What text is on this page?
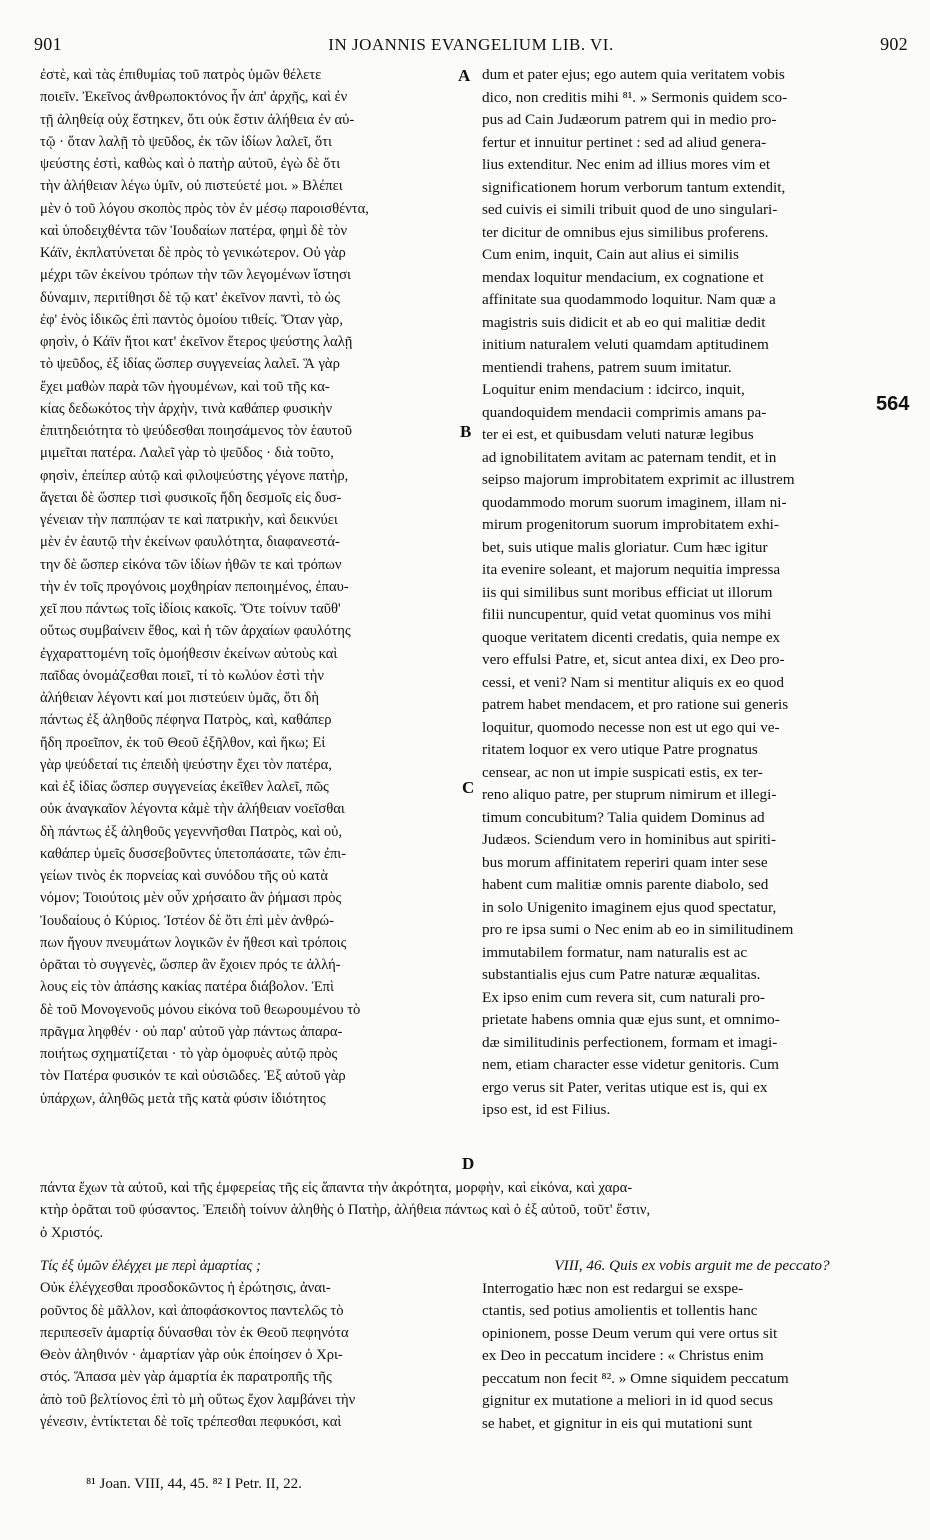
901	IN JOANNIS EVANGELIUM LIB. VI.	902
ἐστὲ, καὶ τὰς ἐπιθυμίας τοῦ πατρὸς ὑμῶν θέλετε
ποιεῖν. Ἐκεῖνος ἀνθρωποκτόνος ἦν ἀπ' ἀρχῆς, καὶ ἐν
τῇ ἀληθείᾳ οὐχ ἕστηκεν, ὅτι οὐκ ἔστιν ἀλήθεια ἐν αὐ-
τῷ · ὅταν λαλῇ τὸ ψεῦδος, ἐκ τῶν ἰδίων λαλεῖ, ὅτι
ψεύστης ἐστὶ, καθὼς καὶ ὁ πατὴρ αὐτοῦ, ἐγὼ δὲ ὅτι
τὴν ἀλήθειαν λέγω ὑμῖν, οὐ πιστεύετέ μοι. » Βλέπει
μὲν ὁ τοῦ λόγου σκοπὸς πρὸς τὸν ἐν μέσῳ παροισθέντα,
καὶ ὑποδειχθέντα τῶν Ἰουδαίων πατέρα, φημὶ δὲ τὸν
Κάϊν, ἐκπλατύνεται δὲ πρὸς τὸ γενικώτερον. Οὐ γὰρ
μέχρι τῶν ἐκείνου τρόπων τὴν τῶν λεγομένων ἵστησι
δύναμιν, περιτίθησι δὲ τῷ κατ' ἐκεῖνον παντὶ, τὸ ὡς
ἐφ' ἑνὸς ἰδικῶς ἐπὶ παντὸς ὁμοίου τιθείς. Ὅταν γὰρ,
φησὶν, ὁ Κάϊν ἤτοι κατ' ἐκεῖνον ἕτερος ψεύστης λαλῇ
τὸ ψεῦδος, ἐξ ἰδίας ὥσπερ συγγενείας λαλεῖ. Ἃ γὰρ
ἔχει μαθὼν παρὰ τῶν ἡγουμένων, καὶ τοῦ τῆς κα-
κίας δεδωκότος τὴν ἀρχὴν, τινὰ καθάπερ φυσικὴν
ἐπιτηδειότητα τὸ ψεύδεσθαι ποιησάμενος τὸν ἑαυτοῦ
μιμεῖται πατέρα. Λαλεῖ γὰρ τὸ ψεῦδος · διὰ τοῦτο,
φησὶν, ἐπείπερ αὐτῷ καὶ φιλοψεύστης γέγονε πατὴρ,
ἄγεται δὲ ὥσπερ τισὶ φυσικοῖς ἤδη δεσμοῖς εἰς δυσ-
γένειαν τὴν παππῴαν τε καὶ πατρικὴν, καὶ δεικνύει
μὲν ἐν ἑαυτῷ τὴν ἐκείνων φαυλότητα, διαφανεστά-
την δὲ ὥσπερ εἰκόνα τῶν ἰδίων ἠθῶν τε καὶ τρόπων
τὴν ἐν τοῖς προγόνοις μοχθηρίαν πεποιημένος, ἐπαυ-
χεῖ που πάντως τοῖς ἰδίοις κακοῖς. Ὅτε τοίνυν ταῦθ'
οὕτως συμβαίνειν ἔθος, καὶ ἡ τῶν ἀρχαίων φαυλότης
ἐγχαραττομένη τοῖς ὁμοήθεσιν ἐκείνων αὐτοὺς καὶ
παῖδας ὀνομάζεσθαι ποιεῖ, τί τὸ κωλύον ἐστὶ τὴν
ἀλήθειαν λέγοντι καί μοι πιστεύειν ὑμᾶς, ὅτι δὴ
πάντως ἐξ ἀληθοῦς πέφηνα Πατρὸς, καὶ, καθάπερ
ἤδη προεῖπον, ἐκ τοῦ Θεοῦ ἐξῆλθον, καὶ ἥκω; Εἰ
γὰρ ψεύδεταί τις ἐπειδὴ ψεύστην ἔχει τὸν πατέρα,
καὶ ἐξ ἰδίας ὥσπερ συγγενείας ἐκεῖθεν λαλεῖ, πῶς
οὐκ ἀναγκαῖον λέγοντα κἀμὲ τὴν ἀλήθειαν νοεῖσθαι
δὴ πάντως ἐξ ἀληθοῦς γεγεννῆσθαι Πατρὸς, καὶ οὐ,
καθάπερ ὑμεῖς δυσσεβοῦντες ὑπετοπάσατε, τῶν ἐπι-
γείων τινὸς ἐκ πορνείας καὶ συνόδου τῆς οὐ κατὰ
νόμον; Τοιούτοις μὲν οὖν χρήσαιτο ἂν ῥήμασι πρὸς
Ἰουδαίους ὁ Κύριος. Ἰστέον δὲ ὅτι ἐπὶ μὲν ἀνθρώ-
πων ἤγουν πνευμάτων λογικῶν ἐν ἤθεσι καὶ τρόποις
ὁρᾶται τὸ συγγενὲς, ὥσπερ ἂν ἔχοιεν πρός τε ἀλλή-
λους εἰς τὸν ἁπάσης κακίας πατέρα διάβολον. Ἐπὶ
δὲ τοῦ Μονογενοῦς μόνου εἰκόνα τοῦ θεωρουμένου τὸ
πρᾶγμα ληφθέν · οὐ παρ' αὐτοῦ γὰρ πάντως ἀπαρα-
ποιήτως σχηματίζεται · τὸ γὰρ ὁμοφυὲς αὐτῷ πρὸς
τὸν Πατέρα φυσικόν τε καὶ οὐσιῶδες. Ἐξ αὐτοῦ γὰρ
ὑπάρχων, ἀληθῶς μετὰ τῆς κατὰ φύσιν ἰδιότητος
dum et pater ejus; ego autem quia veritatem vobis
dico, non creditis mihi ⁸¹. » Sermonis quidem sco-
pus ad Cain Judæorum patrem qui in medio pro-
fertur et innuitur pertinet : sed ad aliud genera-
lius extenditur. Nec enim ad illius mores vim et
significationem horum verborum tantum extendit,
sed cuivis ei simili tribuit quod de uno singulari-
ter dicitur de omnibus ejus similibus proferens.
Cum enim, inquit, Cain aut alius ei similis
mendax loquitur mendacium, ex cognatione et
affinitate sua quodammodo loquitur. Nam quæ a
magistris suis didicit et ab eo qui malitiæ dedit
initium naturalem veluti quamdam aptitudinem
mentiendi trahens, patrem suum imitatur.
Loquitur enim mendacium : idcirco, inquit,
quandoquidem mendacii comprimis amans pa-
ter ei est, et quibusdam veluti naturæ legibus
ad ignobilitatem avitam ac paternam tendit, et in
seipso majorum improbitatem exprimit ac illustrem
quodammodo morum suorum imaginem, illam ni-
mirum progenitorum suorum improbitatem exhi-
bet, suis utique malis gloriatur. Cum hæc igitur
ita evenire soleant, et majorum nequitia impressa
iis qui similibus sunt moribus efficiat ut illorum
filii nuncupentur, quid vetat quominus vos mihi
quoque veritatem dicenti credatis, quia nempe ex
vero effulsi Patre, et, sicut antea dixi, ex Deo pro-
cessi, et veni? Nam si mentitur aliquis ex eo quod
patrem habet mendacem, et pro ratione sui generis
loquitur, quomodo necesse non est ut ego qui ve-
ritatem loquor ex vero utique Patre prognatus
censear, ac non ut impie suspicati estis, ex ter-
reno aliquo patre, per stuprum nimirum et illegi-
timum concubitum? Talia quidem Dominus ad
Judæos. Sciendum vero in hominibus aut spiriti-
bus morum affinitatem reperiri quam inter sese
habent cum malitiæ omnis parente diabolo, sed
in solo Unigenito imaginem ejus quod spectatur,
pro re ipsa sumi o Nec enim ab eo in similitudinem
immutabilem formatur, nam naturalis est ac
substantialis ejus cum Patre naturæ æqualitas.
Ex ipso enim cum revera sit, cum naturali pro-
prietate habens omnia quæ ejus sunt, et omnimo-
dæ similitudinis perfectionem, formam et imagi-
nem, etiam character esse videtur genitoris. Cum
ergo verus sit Pater, veritas utique est is, qui ex
ipso est, id est Filius.
A
B
C
D
564
πάντα ἔχων τὰ αὐτοῦ, καὶ τῆς ἐμφερείας τῆς εἰς ἅπαντα τὴν ἀκρότητα, μορφὴν, καὶ εἰκόνα, καὶ χαρα-
κτὴρ ὁρᾶται τοῦ φύσαντος. Ἐπειδὴ τοίνυν ἀληθὴς ὁ Πατὴρ, ἀλήθεια πάντως καὶ ὁ ἐξ αὐτοῦ, τοῦτ' ἔστιν,
ὁ Χριστός.
Τίς ἐξ ὑμῶν ἐλέγχει με περὶ ἁμαρτίας ;
Οὐκ ἐλέγχεσθαι προσδοκῶντος ἡ ἐρώτησις, ἀναι-
ροῦντος δὲ μᾶλλον, καὶ ἀποφάσκοντος παντελῶς τὸ
περιπεσεῖν ἁμαρτίᾳ δύνασθαι τὸν ἐκ Θεοῦ πεφηνότα
Θεὸν ἀληθινόν · ἁμαρτίαν γὰρ οὐκ ἐποίησεν ὁ Χρι-
στός. Ἅπασα μὲν γὰρ ἁμαρτία ἐκ παρατροπῆς τῆς
ἀπὸ τοῦ βελτίονος ἐπὶ τὸ μὴ οὕτως ἔχον λαμβάνει τὴν
γένεσιν, ἐντίκτεται δὲ τοῖς τρέπεσθαι πεφυκόσι, καὶ
VIII, 46. Quis ex vobis arguit me de peccato?
Interrogatio hæc non est redargui se exspe-
ctantis, sed potius amolientis et tollentis hanc
opinionem, posse Deum verum qui vere ortus sit
ex Deo in peccatum incidere : « Christus enim
peccatum non fecit ⁸². » Omne siquidem peccatum
gignitur ex mutatione a meliori in id quod secus
se habet, et gignitur in eis qui mutationi sunt
⁸¹ Joan. VIII, 44, 45. ⁸² I Petr. II, 22.
